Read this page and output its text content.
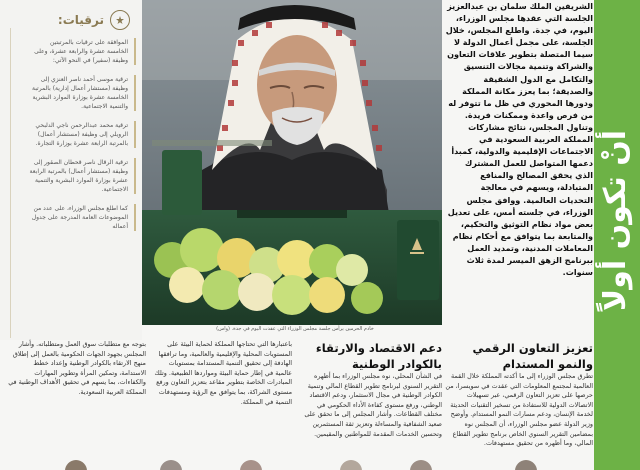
ترقيات:
الموافقة على ترقيات بالمرتبتين الخامسة عشرة والرابعة عشرة، وعلى وظيفة (سفير) في النحو الآتي:
ترقية موسى أحمد ناصر العنزي إلى وظيفة (مستشار أعمال إدارية) بالمرتبة الخامسة عشرة بوزارة الموارد البشرية والتنمية الاجتماعية.
ترقية محمد عبدالرحمن ناجي الدلبحي الرويلي إلى وظيفة (مستشار أعمال) بالمرتبة الرابعة عشرة بوزارة التجارة.
ترقية الرقال ناصر قحطان الصقور إلى وظيفة (مستشار أعمال) بالمرتبة الرابعة عشرة بوزارة الموارد البشرية والتنمية الاجتماعية.
كما اطلع مجلس الوزراء، على عدد من الموضوعات العامة المدرجة على جدول أعماله
خادم الحرمين يرأس جلسة مجلس الوزراء التي عقدت اليوم في جدة. (واس)

الشريفين الملك سلمان بن عبدالعزيز الجلسة التي عقدها مجلس الوزراء، اليوم، في جدة. واطلع المجلس، خلال الجلسة، على مجمل أعمال الدولة لا سيما المتصلة بتطوير علاقات التعاون والشراكة وتنمية مجالات التنسيق والتكامل مع الدول الشقيقة والصديقة؛ بما يعزز مكانة المملكة ودورها المحوري في ظل ما تتوفر له من فرص واعدة وممكنات فريدة. وتناول المجلس، نتائج مشاركات المملكة العربية السعودية في الاجتماعات الإقليمية والدولية، كمبدأ دعمها المتواصل للعمل المشترك الذي يحقق المصالح والمنافع المتبادلة، ويسهم في معالجة التحديات العالمية. ووافق مجلس الوزراء، في جلسته أمس، على تعديل بعض مواد نظام التوثيق والتحكيم، والمتابعة بما يتوافق مع أحكام نظام المعاملات المدنية، وتمديد العمل ببرنامج الزهق الميسر لمدة ثلاث سنوات. أنْ تكون أولاً
تعزيز التعاون الرقمي والنمو المستدام

تطرق مجلس الوزراء إلى ما أكدته المملكة خلال القمة العالمية لمجتمع المعلومات التي عقدت في سويسرا، من حرصها على تعزيز التعاون الرقمي، عبر تسهيلات الاتصالات الدولية للاستفادة من تسخير التقنيات الحديثة لخدمة الإنسان، ودعم مسارات النمو المستدام. وأوضح وزير الدولة عضو مجلس الوزراء، أن المجلس نوه بمضامين التقرير السنوي الخاص برنامج تطوير القطاع المالي، وما أظهره من تحقيق مستهدفات.

دعم الاقتصاد والارتقاء بالكوادر الوطنية

في الشأن المحلي، نوه مجلس الوزراء بما أظهره التقرير السنوي لبرنامج تطوير القطاع المالي وتنمية الكوادر الوطنية في مجال الاستثمار، ودعم الاقتصاد الوطني، ورفع مستوى كفاءة الأداء الحكومي في مختلف القطاعات. وأشار المجلس إلى ما تحقق على صعيد الشفافية والمساءلة وتعزيز ثقة المستثمرين وتحسين الخدمات المقدمة للمواطنين والمقيمين.

باعتبارها التي تحتاجها المملكة لحماية البيئة على المستويات المحلية والإقليمية والعالمية، وما ترافقها الهادفة إلى تحقيق التنمية المستدامة بمستويات عالمية في إطار حماية البيئة ومواردها الطبيعية. وتلك المبادرات الخاصة بتطوير مقاعد بتعزيز التعاون ورفع مستوى الشراكة، بما يتوافق مع الرؤية ومستهدفات التنمية في المملكة.

بتوجه مع متطلبات سوق العمل ومتطلباته. وأشار المجلس بجهود الجهات الحكومية بالعمل إلى إطلاق منهج الارتقاء بالكوادر الوطنية وإعداد خطط الاستدامة، وتمكين المرأة وتطوير المهارات والكفاءات، بما يسهم في تحقيق الأهداف الوطنية في المملكة العربية السعودية.
